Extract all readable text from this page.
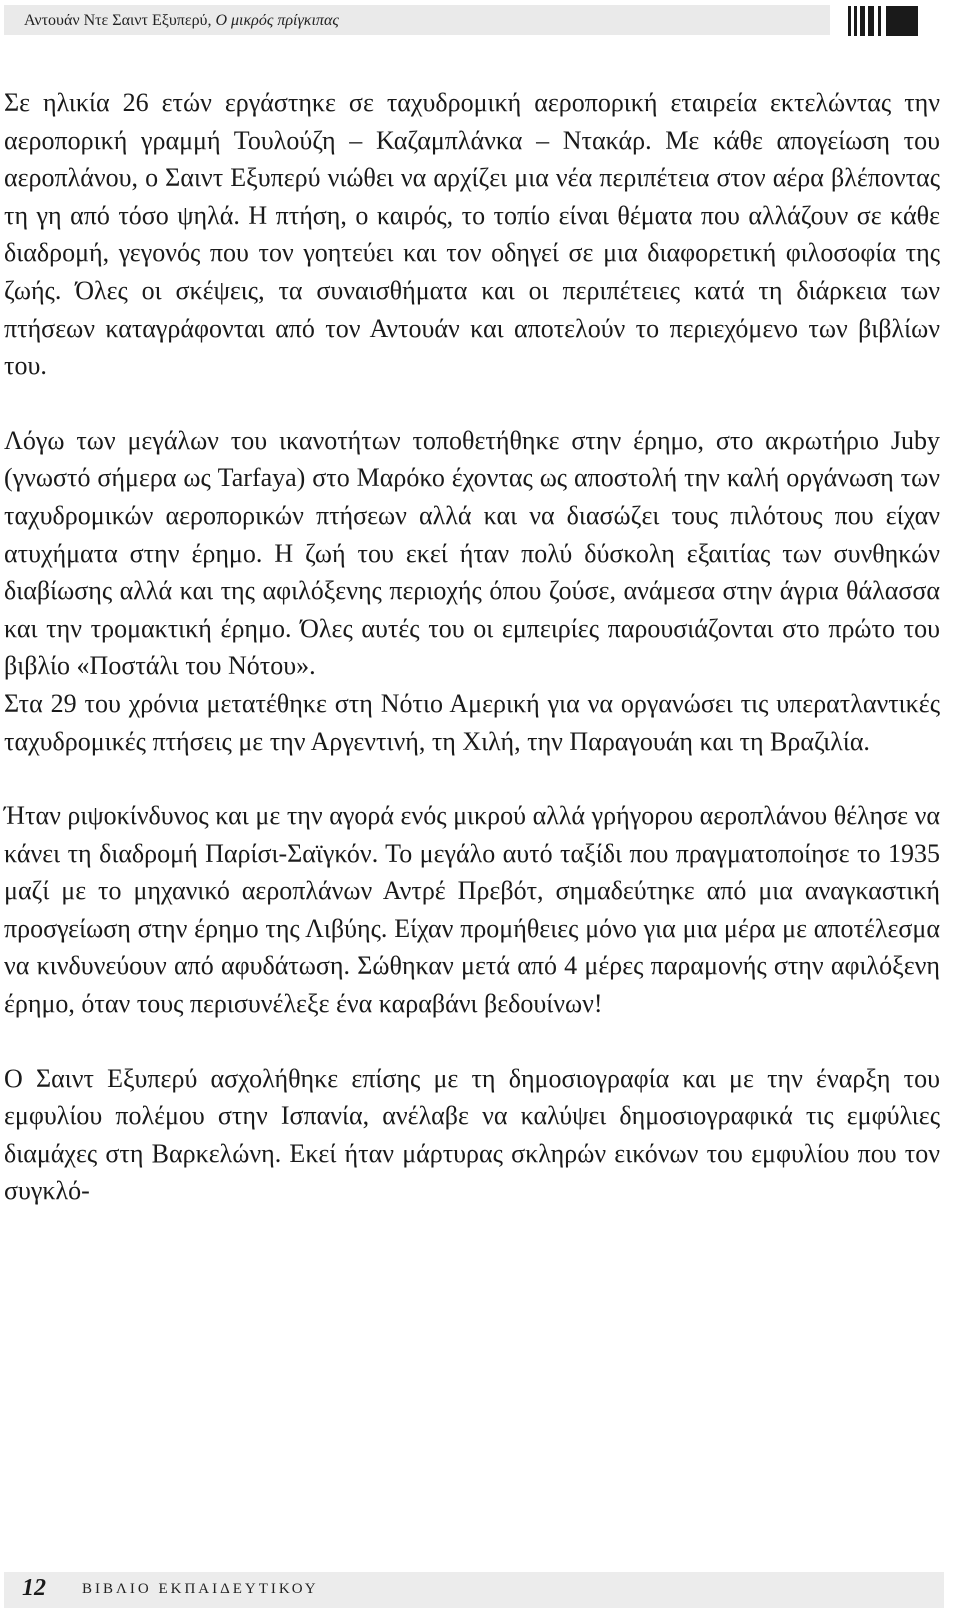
Αντουάν Ντε Σαιντ Εξυπερύ, Ο μικρός πρίγκιπας

Σε ηλικία 26 ετών εργάστηκε σε ταχυδρομική αεροπορική εταιρεία εκτελώντας την αεροπορική γραμμή Τουλούζη – Καζαμπλάνκα – Ντακάρ. Με κάθε απογείωση του αεροπλάνου, ο Σαιντ Εξυπερύ νιώθει να αρχίζει μια νέα περιπέτεια στον αέρα βλέποντας τη γη από τόσο ψηλά. Η πτήση, ο καιρός, το τοπίο είναι θέματα που αλλάζουν σε κάθε διαδρομή, γεγονός που τον γοητεύει και τον οδηγεί σε μια διαφορετική φιλοσοφία της ζωής. Όλες οι σκέψεις, τα συναισθήματα και οι περιπέτειες κατά τη διάρκεια των πτήσεων καταγράφονται από τον Αντουάν και αποτελούν το περιεχόμενο των βιβλίων του.

Λόγω των μεγάλων του ικανοτήτων τοποθετήθηκε στην έρημο, στο ακρωτήριο Juby (γνωστό σήμερα ως Tarfaya) στο Μαρόκο έχοντας ως αποστολή την καλή οργάνωση των ταχυδρομικών αεροπορικών πτήσεων αλλά και να διασώζει τους πιλότους που είχαν ατυχήματα στην έρημο. Η ζωή του εκεί ήταν πολύ δύσκολη εξαιτίας των συνθηκών διαβίωσης αλλά και της αφιλόξενης περιοχής όπου ζούσε, ανάμεσα στην άγρια θάλασσα και την τρομακτική έρημο. Όλες αυτές του οι εμπειρίες παρουσιάζονται στο πρώτο του βιβλίο «Ποστάλι του Νότου».

Στα 29 του χρόνια μετατέθηκε στη Νότιο Αμερική για να οργανώσει τις υπερατλαντικές ταχυδρομικές πτήσεις με την Αργεντινή, τη Χιλή, την Παραγουάη και τη Βραζιλία.

Ήταν ριψοκίνδυνος και με την αγορά ενός μικρού αλλά γρήγορου αεροπλάνου θέλησε να κάνει τη διαδρομή Παρίσι-Σαϊγκόν. Το μεγάλο αυτό ταξίδι που πραγματοποίησε το 1935 μαζί με το μηχανικό αεροπλάνων Αντρέ Πρεβότ, σημαδεύτηκε από μια αναγκαστική προσγείωση στην έρημο της Λιβύης. Είχαν προμήθειες μόνο για μια μέρα με αποτέλεσμα να κινδυνεύουν από αφυδάτωση. Σώθηκαν μετά από 4 μέρες παραμονής στην αφιλόξενη έρημο, όταν τους περισυνέλεξε ένα καραβάνι βεδουίνων!

Ο Σαιντ Εξυπερύ ασχολήθηκε επίσης με τη δημοσιογραφία και με την έναρξη του εμφυλίου πολέμου στην Ισπανία, ανέλαβε να καλύψει δημοσιογραφικά τις εμφύλιες διαμάχες στη Βαρκελώνη. Εκεί ήταν μάρτυρας σκληρών εικόνων του εμφυλίου που τον συγκλό-

12 ΒΙΒΛΙΟ ΕΚΠΑΙΔΕΥΤΙΚΟΥ
